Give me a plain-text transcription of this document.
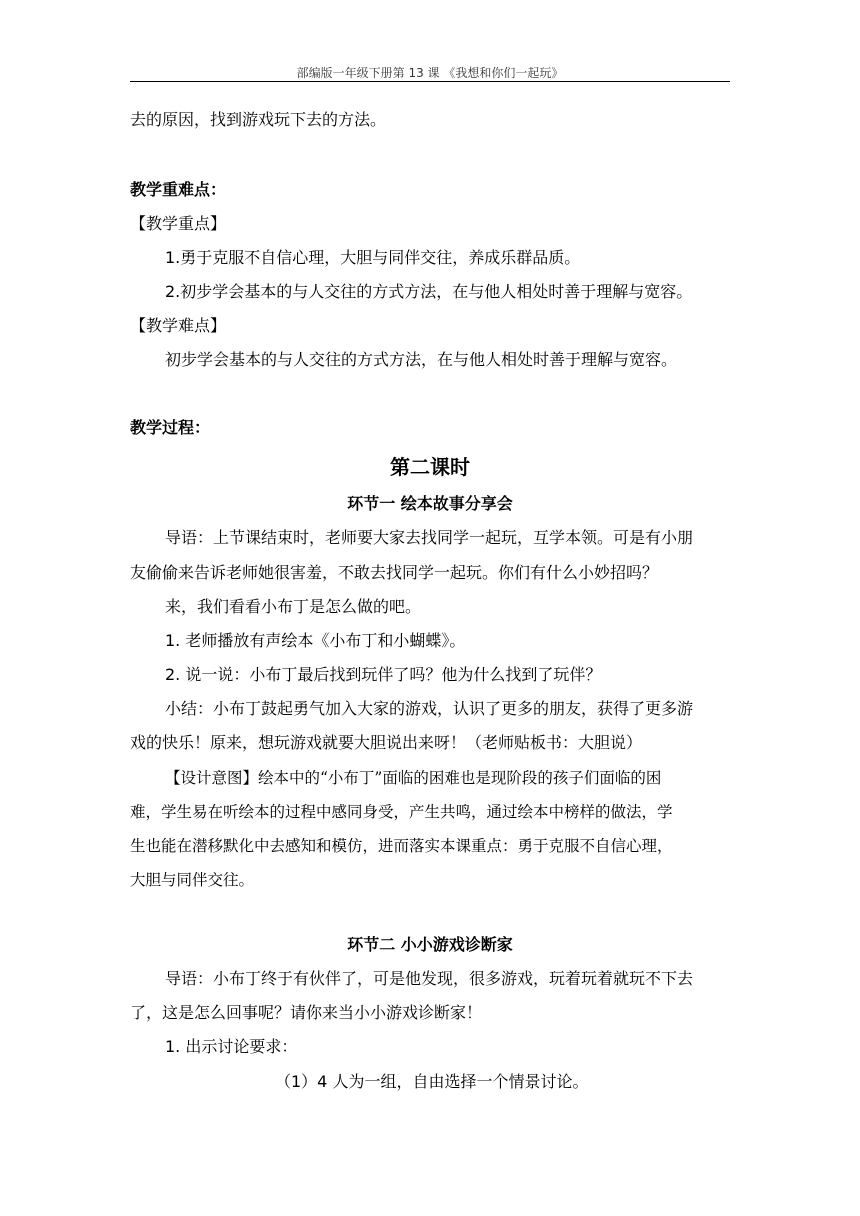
部编版一年级下册第 13 课 《我想和你们一起玩》
去的原因，找到游戏玩下去的方法。
教学重难点：
【教学重点】
1.勇于克服不自信心理，大胆与同伴交往，养成乐群品质。
2.初步学会基本的与人交往的方式方法，在与他人相处时善于理解与宽容。
【教学难点】
初步学会基本的与人交往的方式方法，在与他人相处时善于理解与宽容。
教学过程：
第二课时
环节一 绘本故事分享会
导语：上节课结束时，老师要大家去找同学一起玩，互学本领。可是有小朋
友偷偷来告诉老师她很害羞，不敢去找同学一起玩。你们有什么小妙招吗？
来，我们看看小布丁是怎么做的吧。
1. 老师播放有声绘本《小布丁和小蝴蝶》。
2. 说一说：小布丁最后找到玩伴了吗？他为什么找到了玩伴？
小结：小布丁鼓起勇气加入大家的游戏，认识了更多的朋友，获得了更多游
戏的快乐！原来，想玩游戏就要大胆说出来呀！（老师贴板书：大胆说）
【设计意图】绘本中的“小布丁”面临的困难也是现阶段的孩子们面临的困
难，学生易在听绘本的过程中感同身受，产生共鸣，通过绘本中榜样的做法，学
生也能在潜移默化中去感知和模仿，进而落实本课重点：勇于克服不自信心理，
大胆与同伴交往。
环节二 小小游戏诊断家
导语：小布丁终于有伙伴了，可是他发现，很多游戏，玩着玩着就玩不下去
了，这是怎么回事呢？请你来当小小游戏诊断家！
1. 出示讨论要求：
（1）4 人为一组，自由选择一个情景讨论。
